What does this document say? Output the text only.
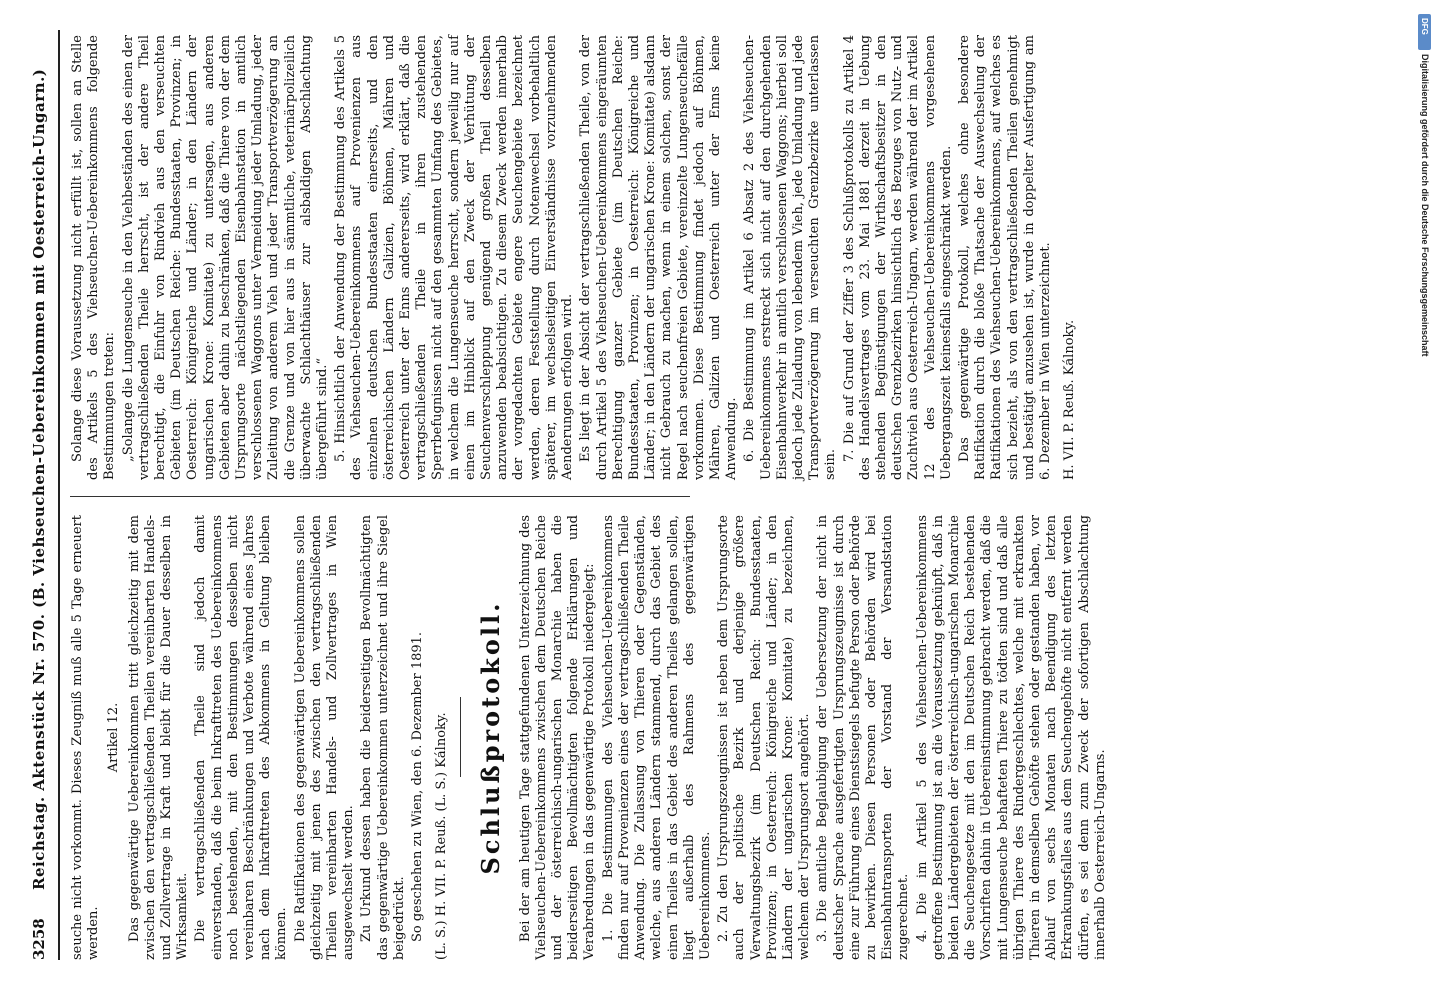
3258
Reichstag. Aktenstück Nr. 570. (B. Viehseuchen-Uebereinkommen mit Oesterreich-Ungarn.) seuche nicht vorkommt. Dieses Zeugniß muß alle 5 Tage erneuert werden.

Artikel 12. Das gegenwärtige Uebereinkommen tritt gleichzeitig mit dem zwischen den vertragschließenden Theilen vereinbarten Handels- und Zollvertrage in Kraft und bleibt für die Dauer desselben in Wirksamkeit. Die vertragschließenden Theile sind jedoch damit einverstanden, daß die beim Inkrafttreten des Uebereinkommens noch bestehenden, mit den Bestimmungen desselben nicht vereinbaren Beschränkungen und Verbote während eines Jahres nach dem Inkrafttreten des Abkommens in Geltung bleiben können. Die Ratifikationen des gegenwärtigen Uebereinkommens sollen gleichzeitig mit jenen des zwischen den vertragschließenden Theilen vereinbarten Handels- und Zollvertrages in Wien ausgewechselt werden. Zu Urkund dessen haben die beiderseitigen Bevollmächtigten das gegenwärtige Uebereinkommen unterzeichnet und ihre Siegel beigedrückt. So geschehen zu Wien, den 6. Dezember 1891. (L. S.) H. VII. P. Reuß. (L. S.) Kálnoky. Schlußprotokoll. Bei der am heutigen Tage stattgefundenen Unterzeichnung des Viehseuchen-Uebereinkommens zwischen dem Deutschen Reiche und der österreichisch-ungarischen Monarchie haben die beiderseitigen Bevollmächtigten folgende Erklärungen und Verabredungen in das gegenwärtige Protokoll niedergelegt: 1. Die Bestimmungen des Viehseuchen-Uebereinkommens finden nur auf Provenienzen eines der vertragschließenden Theile Anwendung. Die Zulassung von Thieren oder Gegenständen, welche, aus anderen Ländern stammend, durch das Gebiet des einen Theiles in das Gebiet des anderen Theiles gelangen sollen, liegt außerhalb des Rahmens des gegenwärtigen Uebereinkommens. 2. Zu den Ursprungszeugnissen ist neben dem Ursprungsorte auch der politische Bezirk und derjenige größere Verwaltungsbezirk (im Deutschen Reich: Bundesstaaten, Provinzen; in Oesterreich: Königreiche und Länder; in den Ländern der ungarischen Krone: Komitate) zu bezeichnen, welchem der Ursprungsort angehört. 3. Die amtliche Beglaubigung der Uebersetzung der nicht in deutscher Sprache ausgefertigten Ursprungszeugnisse ist durch eine zur Führung eines Dienstsiegels befugte Person oder Behörde zu bewirken. Diesen Personen oder Behörden wird bei Eisenbahntransporten der Vorstand der Versandstation zugerechnet. 4. Die im Artikel 5 des Viehseuchen-Uebereinkommens getroffene Bestimmung ist an die Voraussetzung geknüpft, daß in beiden Ländergebieten der österreichisch-ungarischen Monarchie die Seuchengesetze mit den im Deutschen Reich bestehenden Vorschriften dahin in Uebereinstimmung gebracht werden, daß die mit Lungenseuche behafteten Thiere zu tödten sind und daß alle übrigen Thiere des Rindergeschlechtes, welche mit erkrankten Thieren in demselben Gehöfte stehen oder gestanden haben, vor Ablauf von sechs Monaten nach Beendigung des letzten Erkrankungsfalles aus dem Seuchengehöfte nicht entfernt werden dürfen, es sei denn zum Zweck der sofortigen Abschlachtung innerhalb Oesterreich-Ungarns.

Solange diese Voraussetzung nicht erfüllt ist, sollen an Stelle des Artikels 5 des Viehseuchen-Uebereinkommens folgende Bestimmungen treten: „Solange die Lungenseuche in den Viehbeständen des einen der vertragschließenden Theile herrscht, ist der andere Theil berechtigt, die Einfuhr von Rindvieh aus den verseuchten Gebieten (im Deutschen Reiche: Bundesstaaten, Provinzen; in Oesterreich: Königreiche und Länder; in den Ländern der ungarischen Krone: Komitate) zu untersagen, aus anderen Gebieten aber dahin zu beschränken, daß die Thiere von der dem Ursprungsorte nächstliegenden Eisenbahnstation in amtlich verschlossenen Waggons unter Vermeidung jeder Umladung, jeder Zuleitung von anderem Vieh und jeder Transportverzögerung an die Grenze und von hier aus in sämmtliche, veterinärpolizeilich überwachte Schlachthäuser zur alsbaldigen Abschlachtung übergeführt sind.“ 5. Hinsichtlich der Anwendung der Bestimmung des Artikels 5 des Viehseuchen-Uebereinkommens auf Provenienzen aus einzelnen deutschen Bundesstaaten einerseits, und den österreichischen Ländern Galizien, Böhmen, Mähren und Oesterreich unter der Enns andererseits, wird erklärt, daß die vertragschließenden Theile in ihren zustehenden Sperrbefugnissen nicht auf den gesammten Umfang des Gebietes, in welchem die Lungenseuche herrscht, sondern jeweilig nur auf einen im Hinblick auf den Zweck der Verhütung der Seuchenverschleppung genügend großen Theil desselben anzuwenden beabsichtigen. Zu diesem Zweck werden innerhalb der vorgedachten Gebiete engere Seuchengebiete bezeichnet werden, deren Feststellung durch Notenwechsel vorbehaltlich späterer, im wechselseitigen Einverständnisse vorzunehmenden Aenderungen erfolgen wird. Es liegt in der Absicht der vertragschließenden Theile, von der durch Artikel 5 des Viehseuchen-Uebereinkommens eingeräumten Berechtigung ganzer Gebiete (im Deutschen Reiche: Bundesstaaten, Provinzen; in Oesterreich: Königreiche und Länder; in den Ländern der ungarischen Krone: Komitate) alsdann nicht Gebrauch zu machen, wenn in einem solchen, sonst der Regel nach seuchenfreien Gebiete, vereinzelte Lungenseuchefälle vorkommen. Diese Bestimmung findet jedoch auf Böhmen, Mähren, Galizien und Oesterreich unter der Enns keine Anwendung. 6. Die Bestimmung im Artikel 6 Absatz 2 des Viehseuchen-Uebereinkommens erstreckt sich nicht auf den durchgehenden Eisenbahnverkehr in amtlich verschlossenen Waggons; hierbei soll jedoch jede Zuladung von lebendem Vieh, jede Umladung und jede Transportverzögerung im verseuchten Grenzbezirke unterlassen sein.

7. Die auf Grund der Ziffer 3 des Schlußprotokolls zu Artikel 4 des Handelsvertrages vom 23. Mai 1881 derzeit in Uebung stehenden Begünstigungen der Wirthschaftsbesitzer in den deutschen Grenzbezirken hinsichtlich des Bezuges von Nutz- und Zuchtvieh aus Oesterreich-Ungarn, werden während der im Artikel 12 des Viehseuchen-Uebereinkommens vorgesehenen Uebergangszeit keinesfalls eingeschränkt werden. Das gegenwärtige Protokoll, welches ohne besondere Ratifikation durch die bloße Thatsache der Auswechselung der Ratifikationen des Viehseuchen-Uebereinkommens, auf welches es sich bezieht, als von den vertragschließenden Theilen genehmigt und bestätigt anzusehen ist, wurde in doppelter Ausfertigung am 6. Dezember in Wien unterzeichnet. H. VII. P. Reuß. Kálnoky.

DFG
Digitalisierung gefördert durch die Deutsche Forschungsgemeinschaft
